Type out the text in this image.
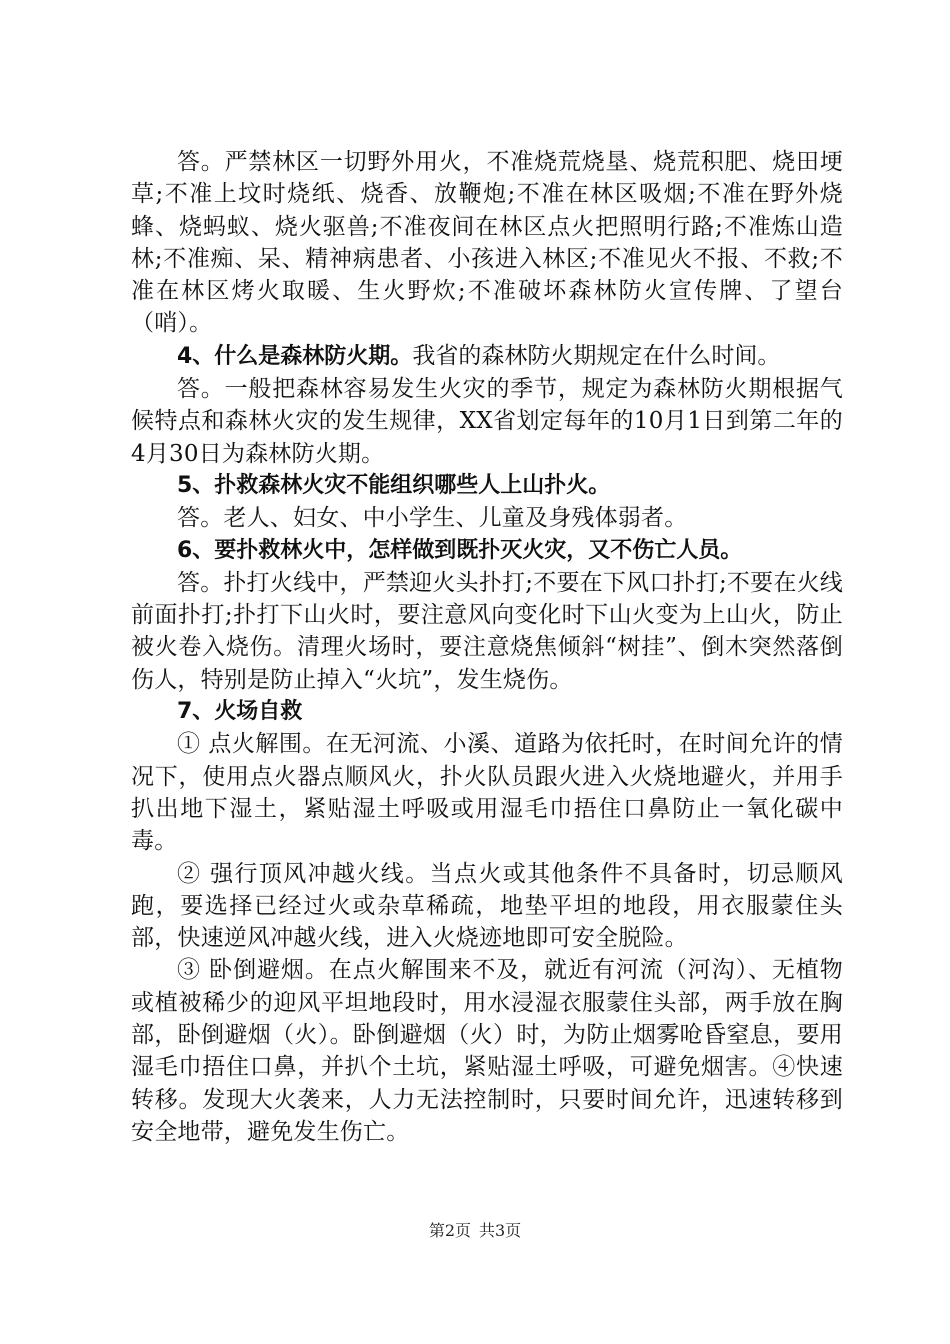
答。严禁林区一切野外用火，不准烧荒烧垦、烧荒积肥、烧田埂草;不准上坟时烧纸、烧香、放鞭炮;不准在林区吸烟;不准在野外烧蜂、烧蚂蚁、烧火驱兽;不准夜间在林区点火把照明行路;不准炼山造林;不准痴、呆、精神病患者、小孩进入林区;不准见火不报、不救;不准在林区烤火取暖、生火野炊;不准破坏森林防火宣传牌、了望台（哨）。

4、什么是森林防火期。我省的森林防火期规定在什么时间。

答。一般把森林容易发生火灾的季节，规定为森林防火期根据气候特点和森林火灾的发生规律，XX省划定每年的10月1日到第二年的4月30日为森林防火期。

5、扑救森林火灾不能组织哪些人上山扑火。

答。老人、妇女、中小学生、儿童及身残体弱者。

6、要扑救林火中，怎样做到既扑灭火灾，又不伤亡人员。

答。扑打火线中，严禁迎火头扑打;不要在下风口扑打;不要在火线前面扑打;扑打下山火时，要注意风向变化时下山火变为上山火，防止被火卷入烧伤。清理火场时，要注意烧焦倾斜“树挂”、倒木突然落倒伤人，特别是防止掉入“火坑”，发生烧伤。

7、火场自救

① 点火解围。在无河流、小溪、道路为依托时，在时间允许的情况下，使用点火器点顺风火，扑火队员跟火进入火烧地避火，并用手扒出地下湿土，紧贴湿土呼吸或用湿毛巾捂住口鼻防止一氧化碳中毒。

② 强行顶风冲越火线。当点火或其他条件不具备时，切忌顺风跑，要选择已经过火或杂草稀疏，地垫平坦的地段，用衣服蒙住头部，快速逆风冲越火线，进入火烧迹地即可安全脱险。

③ 卧倒避烟。在点火解围来不及，就近有河流（河沟）、无植物或植被稀少的迎风平坦地段时，用水浸湿衣服蒙住头部，两手放在胸部，卧倒避烟（火）。卧倒避烟（火）时，为防止烟雾呛昏窒息，要用湿毛巾捂住口鼻，并扒个土坑，紧贴湿土呼吸，可避免烟害。④快速转移。发现大火袭来，人力无法控制时，只要时间允许，迅速转移到安全地带，避免发生伤亡。

第2页 共3页
